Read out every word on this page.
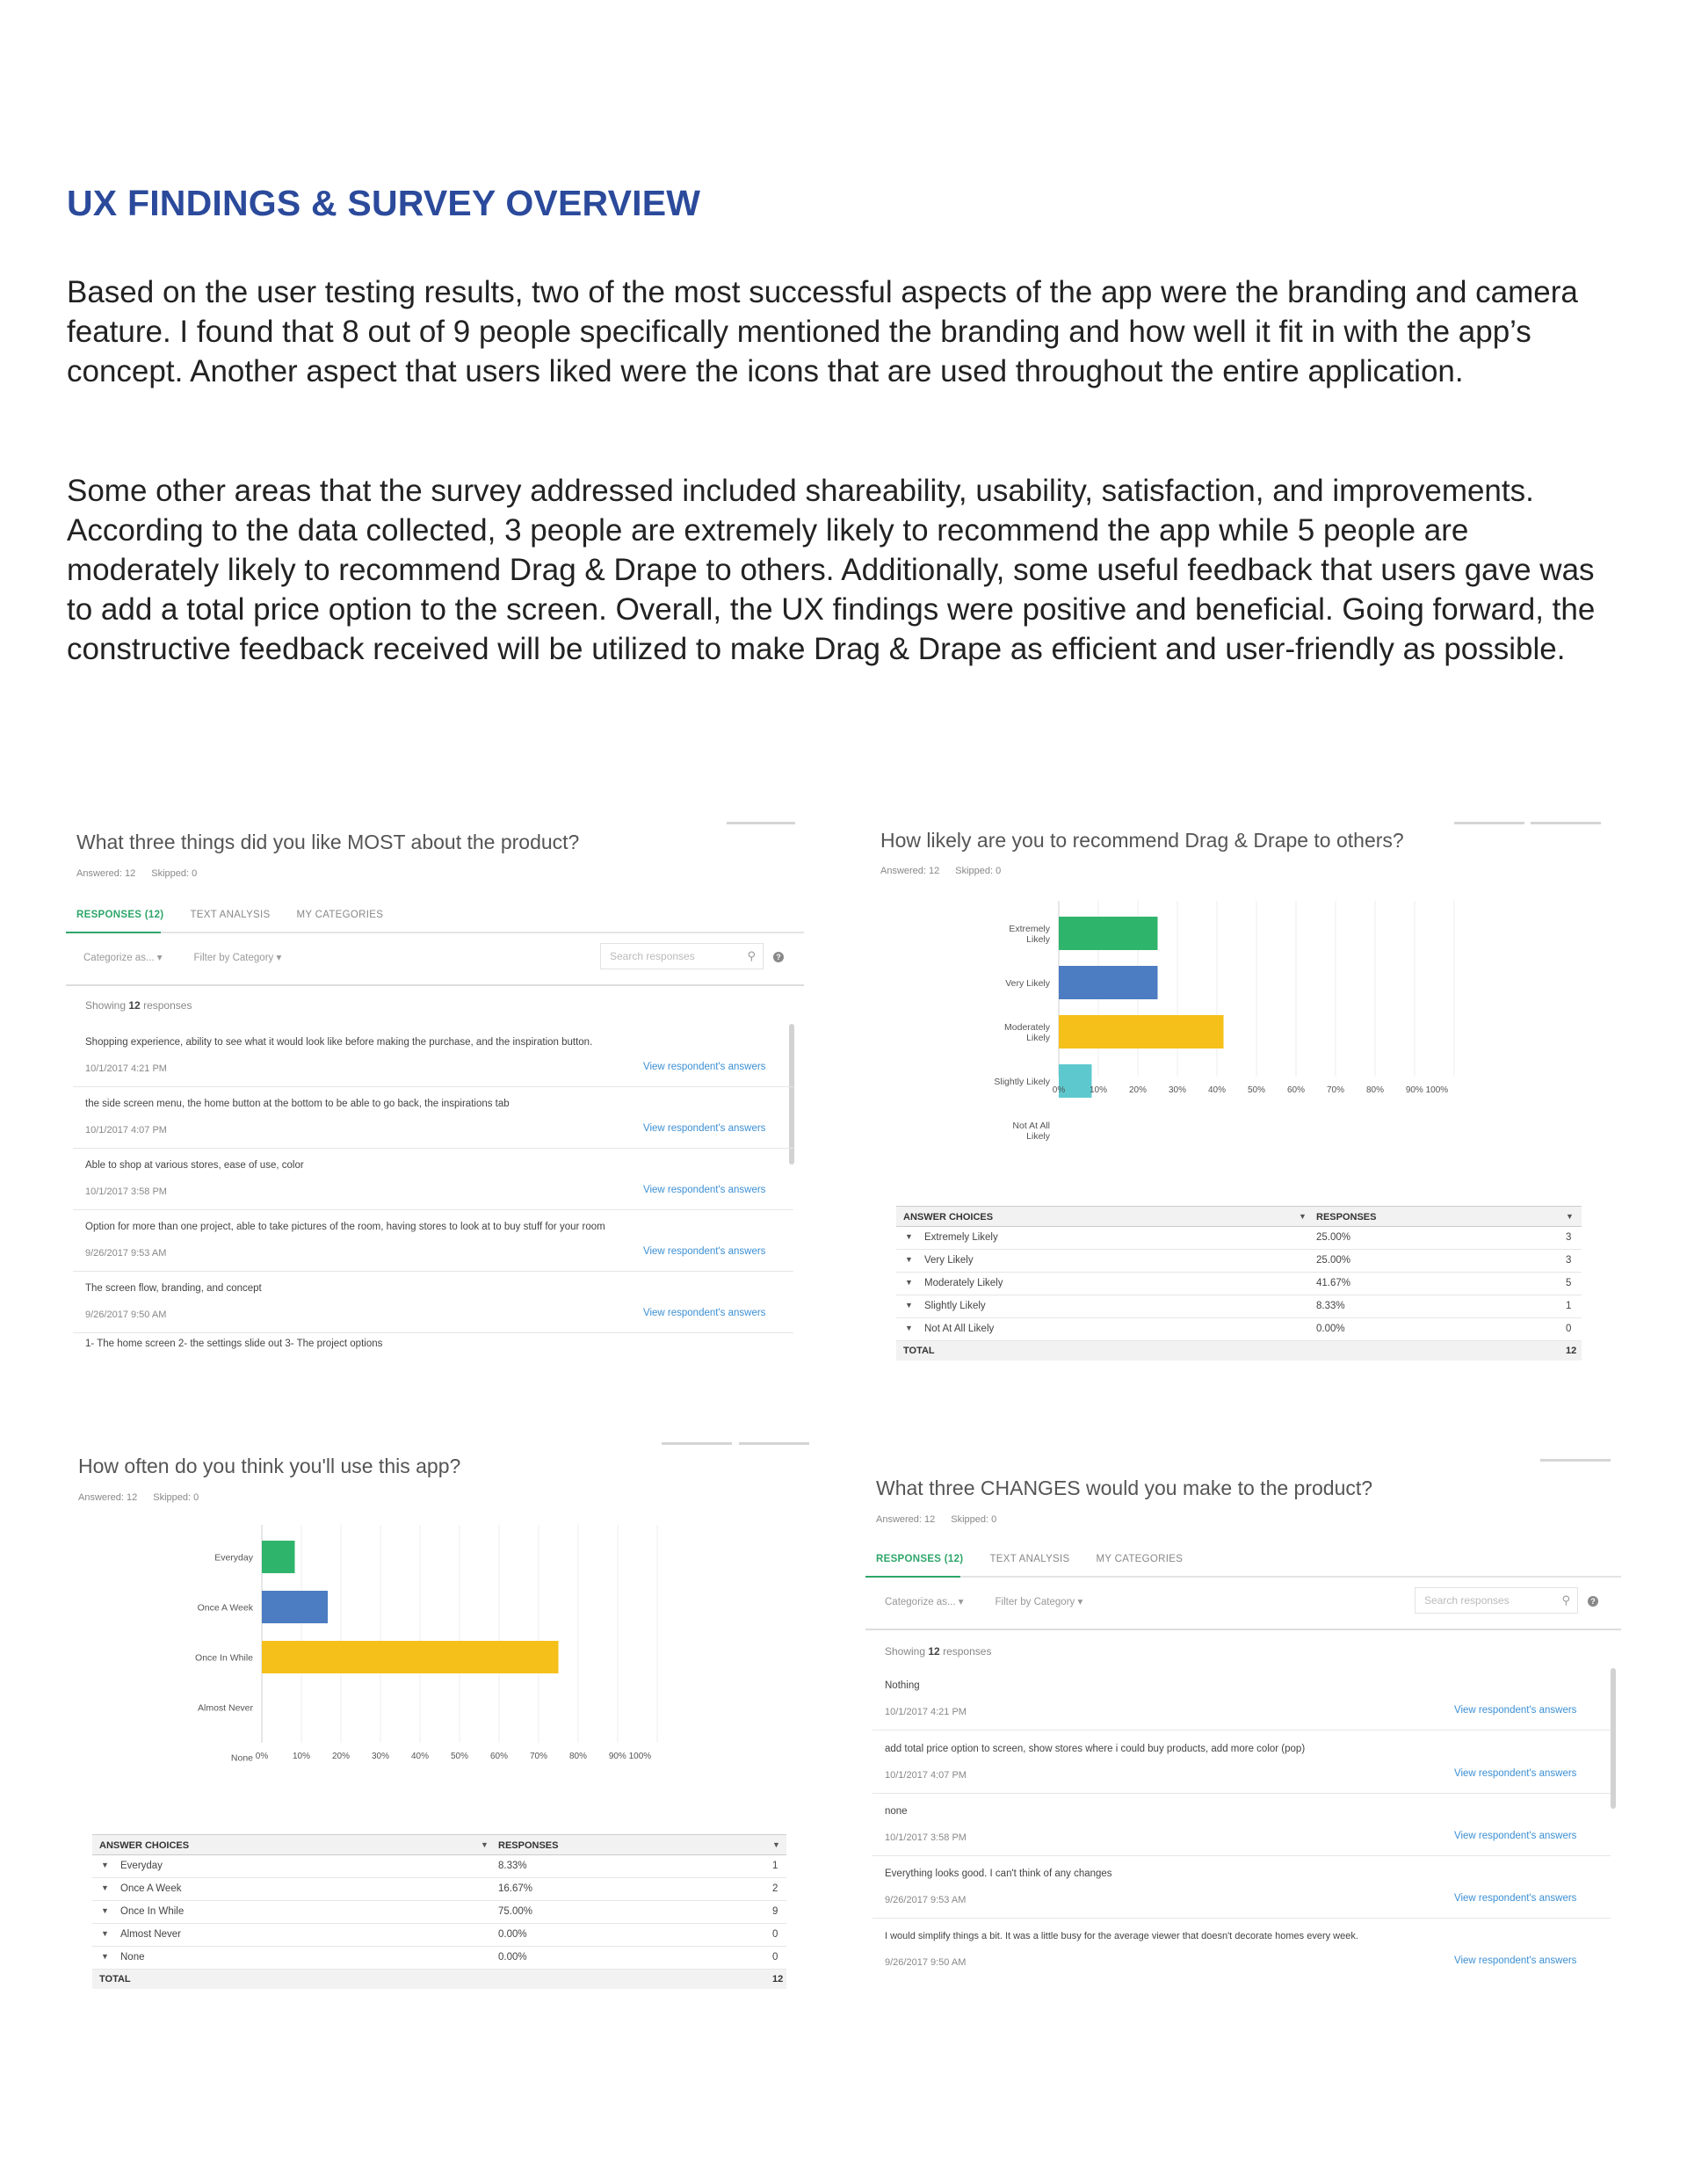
UX FINDINGS & SURVEY OVERVIEW

Based on the user testing results, two of the most successful aspects of the app were the branding and camera feature. I found that 8 out of 9 people specifically mentioned the branding and how well it fit in with the app’s concept. Another aspect that users liked were the icons that are used throughout the entire application.

Some other areas that the survey addressed included shareability, usability, satisfaction, and improvements. According to the data collected, 3 people are extremely likely to recommend the app while 5 people are moderately likely to recommend Drag & Drape to others. Additionally, some useful feedback that users gave was to add a total price option to the screen. Overall, the UX findings were positive and beneficial. Going forward, the constructive feedback received will be utilized to make Drag & Drape as efficient and user-friendly as possible.

What three things did you like MOST about the product?
Answered: 12 Skipped: 0
RESPONSES (12)	TEXT ANALYSIS	MY CATEGORIES
Categorize as... ▾	Filter by Category ▾	Search responses	⚲	?
Showing 12 responses
Shopping experience, ability to see what it would look like before making the purchase, and the inspiration button.
10/1/2017 4:21 PM	View respondent's answers
the side screen menu, the home button at the bottom to be able to go back, the inspirations tab
10/1/2017 4:07 PM	View respondent's answers
Able to shop at various stores, ease of use, color
10/1/2017 3:58 PM	View respondent's answers
Option for more than one project, able to take pictures of the room, having stores to look at to buy stuff for your room
9/26/2017 9:53 AM	View respondent's answers
The screen flow, branding, and concept
9/26/2017 9:50 AM	View respondent's answers
1- The home screen 2- the settings slide out 3- The project options
How likely are you to recommend Drag & Drape to others?
Answered: 12 Skipped: 0
Extremely Likely
Very Likely
Moderately Likely
Slightly Likely
Not At All Likely
0%	10% 20% 30% 40% 50% 60% 70% 80% 90% 100%
ANSWER CHOICES	▼ RESPONSES	▼
▼ Extremely Likely	25.00%	3
▼ Very Likely	25.00%	3
▼ Moderately Likely	41.67%	5
▼ Slightly Likely	8.33%	1
▼ Not At All Likely	0.00%	0
TOTAL	12
How often do you think you'll use this app?
Answered: 12 Skipped: 0
Everyday
Once A Week
Once In While
Almost Never
None 0%	10% 20% 30% 40% 50% 60% 70% 80% 90% 100%
ANSWER CHOICES	▼ RESPONSES	▼
▼ Everyday	8.33%	1
▼ Once A Week	16.67%	2
▼ Once In While	75.00%	9
▼ Almost Never	0.00%	0
▼ None	0.00%	0
TOTAL	12
What three CHANGES would you make to the product?
Answered: 12 Skipped: 0
RESPONSES (12)	TEXT ANALYSIS	MY CATEGORIES
Categorize as... ▾	Filter by Category ▾	Search responses	⚲	?
Showing 12 responses
Nothing
10/1/2017 4:21 PM	View respondent's answers
add total price option to screen, show stores where i could buy products, add more color (pop)
10/1/2017 4:07 PM	View respondent's answers
none
10/1/2017 3:58 PM	View respondent's answers
Everything looks good. I can't think of any changes
9/26/2017 9:53 AM	View respondent's answers
I would simplify things a bit. It was a little busy for the average viewer that doesn't decorate homes every week.
9/26/2017 9:50 AM	View respondent's answers
